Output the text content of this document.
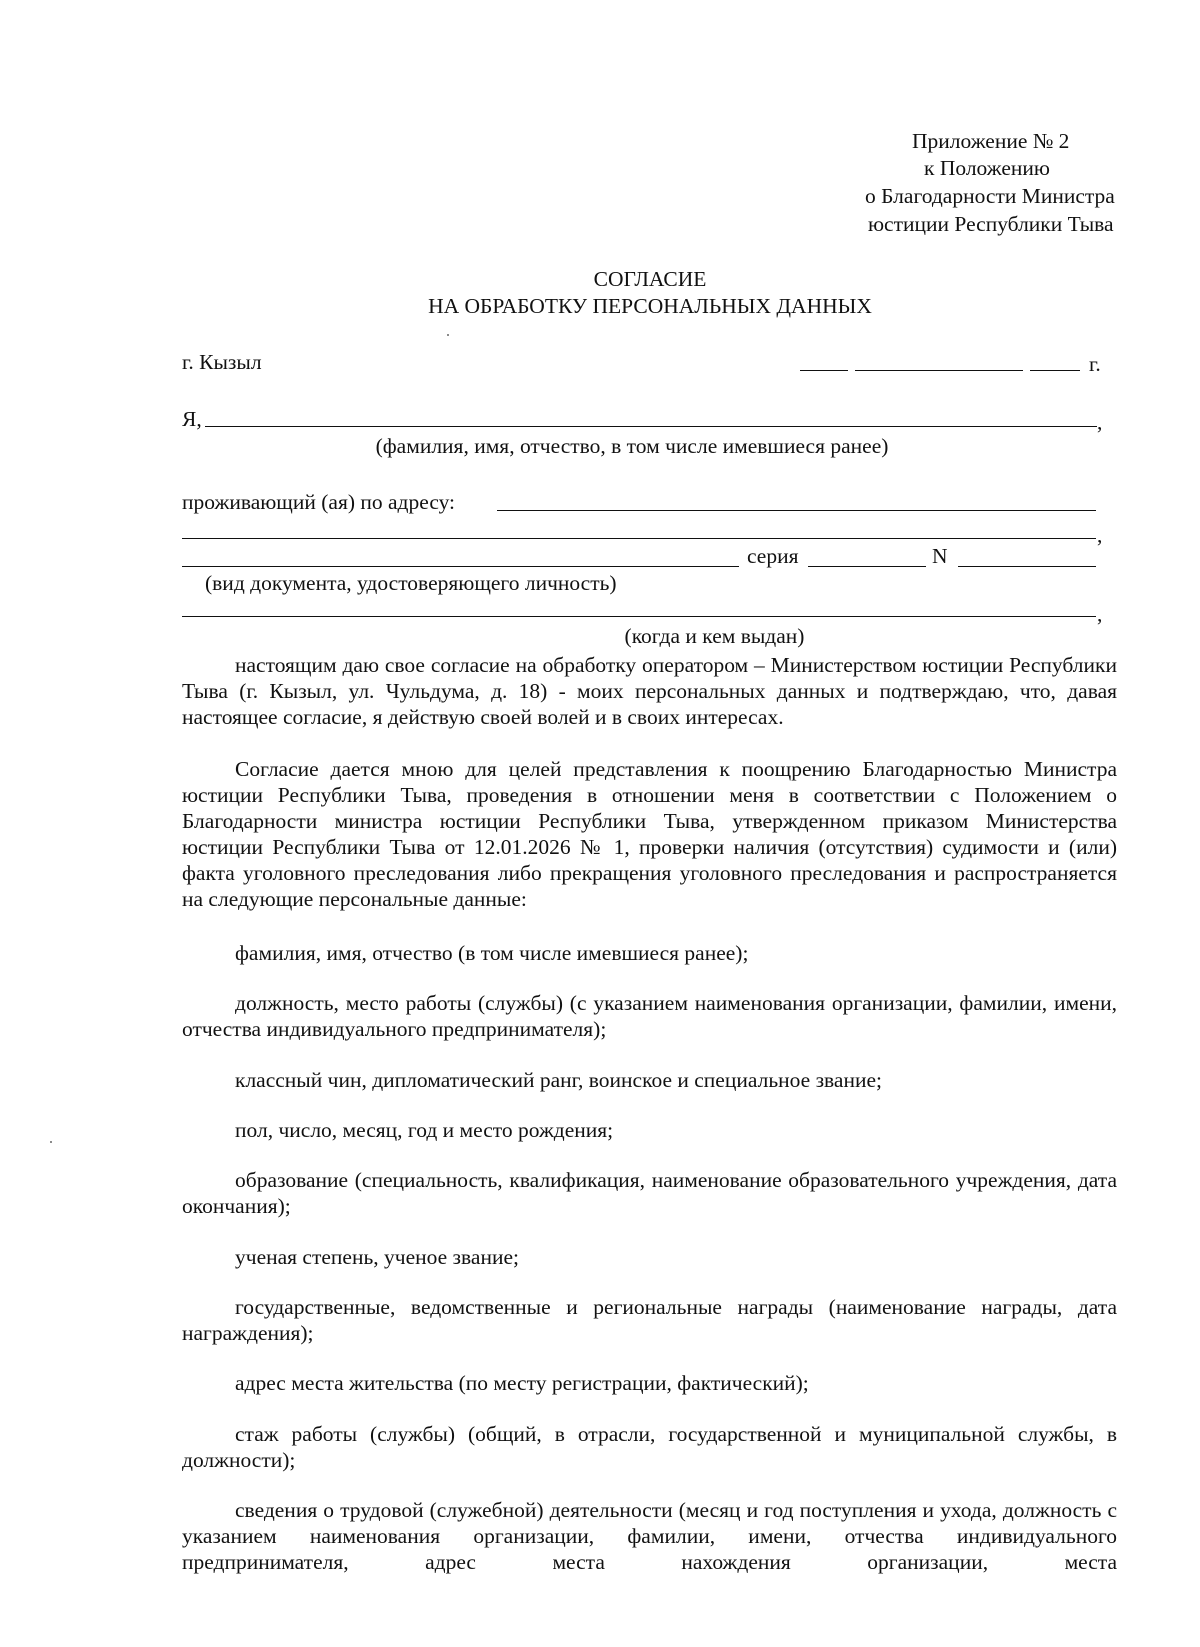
Приложение № 2
к Положению
о Благодарности Министра
юстиции Республики Тыва
СОГЛАСИЕ
НА ОБРАБОТКУ ПЕРСОНАЛЬНЫХ ДАННЫХ
г. Кызыл	г.
Я,	,
(фамилия, имя, отчество, в том числе имевшиеся ранее)
проживающий (ая) по адресу:
,
серия	N
(вид документа, удостоверяющего личность)
,
(когда и кем выдан)
настоящим даю свое согласие на обработку оператором – Министерством юстиции Республики Тыва (г. Кызыл, ул. Чульдума, д. 18) - моих персональных данных и подтверждаю, что, давая настоящее согласие, я действую своей волей и в своих интересах.
Согласие дается мною для целей представления к поощрению Благодарностью Министра юстиции Республики Тыва, проведения в отношении меня в соответствии с Положением о Благодарности министра юстиции Республики Тыва, утвержденном приказом Министерства юстиции Республики Тыва от 12.01.2026 № 1, проверки наличия (отсутствия) судимости и (или) факта уголовного преследования либо прекращения уголовного преследования и распространяется на следующие персональные данные:
фамилия, имя, отчество (в том числе имевшиеся ранее);
должность, место работы (службы) (с указанием наименования организации, фамилии, имени, отчества индивидуального предпринимателя);
классный чин, дипломатический ранг, воинское и специальное звание;
пол, число, месяц, год и место рождения;
образование (специальность, квалификация, наименование образовательного учреждения, дата окончания);
ученая степень, ученое звание;
государственные, ведомственные и региональные награды (наименование награды, дата награждения);
адрес места жительства (по месту регистрации, фактический);
стаж работы (службы) (общий, в отрасли, государственной и муниципальной службы, в должности);
сведения о трудовой (служебной) деятельности (месяц и год поступления и ухода, должность с указанием наименования организации, фамилии, имени, отчества индивидуального предпринимателя, адрес места нахождения организации, места
